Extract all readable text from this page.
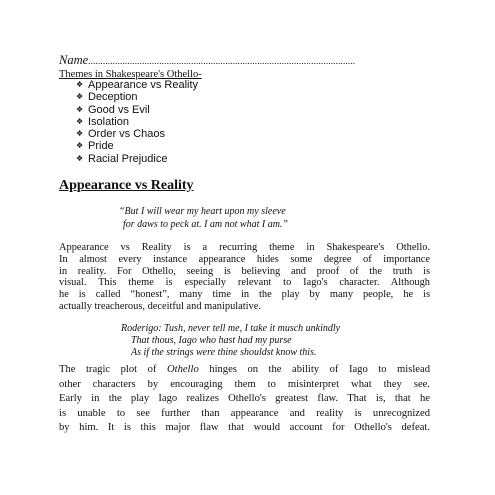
Name.............................................................................................................
Themes in Shakespeare's Othello-
❖ Appearance vs Reality
❖ Deception
❖ Good vs Evil
❖ Isolation
❖ Order vs Chaos
❖ Pride
❖ Racial Prejudice
Appearance vs Reality
“But I will wear my heart upon my sleeve
for daws to peck at. I am not what I am.”
Appearance vs Reality is a recurring theme in Shakespeare's Othello.
In almost every instance appearance hides some degree of importance
in reality. For Othello, seeing is believing and proof of the truth is
visual. This theme is especially relevant to Iago's character. Although
he is called “honest”, many time in the play by many people, he is
actually treacherous, deceitful and manipulative.
Roderigo: Tush, never tell me, I take it musch unkindly
That thous, Iago who hast had my purse
As if the strings were thine shouldst know this.
The tragic plot of Othello hinges on the ability of Iago to mislead
other characters by encouraging them to misinterpret what they see.
Early in the play Iago realizes Othello's greatest flaw. That is, that he
is unable to see further than appearance and reality is unrecognized
by him. It is this major flaw that would account for Othello's defeat.
